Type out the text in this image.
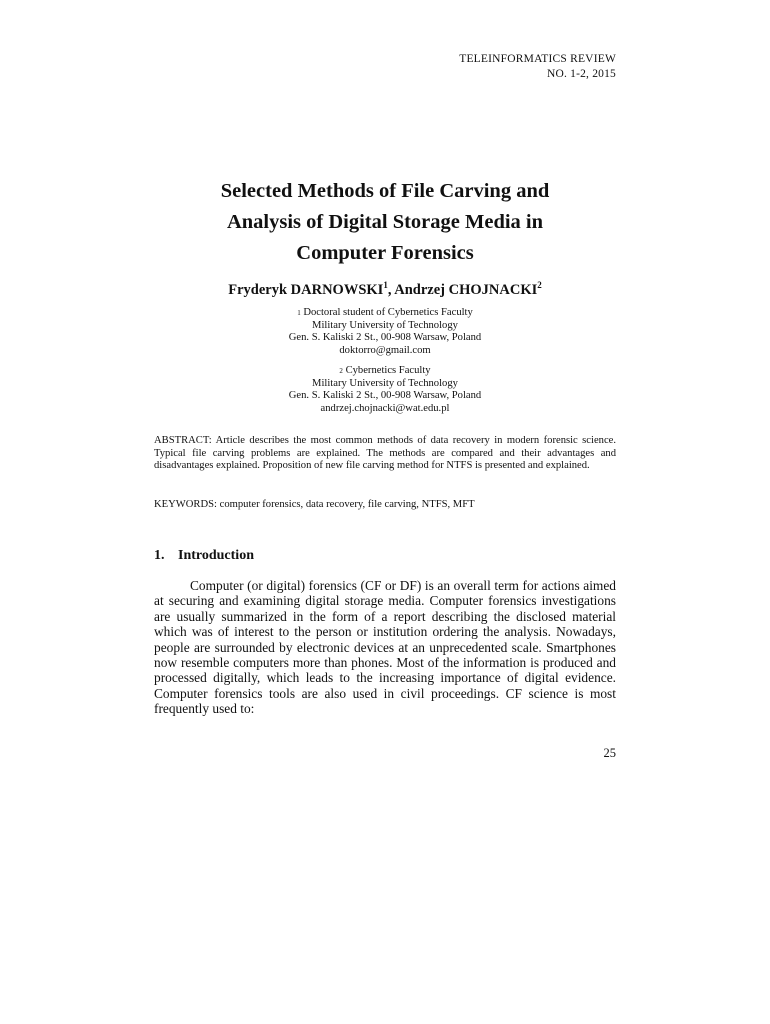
TELEINFORMATICS REVIEW
NO. 1-2, 2015
Selected Methods of File Carving and
Analysis of Digital Storage Media in
Computer Forensics
Fryderyk DARNOWSKI$^1$, Andrzej CHOJNACKI$^2$
$^1$ Doctoral student of Cybernetics Faculty
Military University of Technology
Gen. S. Kaliski 2 St., 00-908 Warsaw, Poland
doktorro@gmail.com
$^2$ Cybernetics Faculty
Military University of Technology
Gen. S. Kaliski 2 St., 00-908 Warsaw, Poland
andrzej.chojnacki@wat.edu.pl
ABSTRACT: Article describes the most common methods of data recovery in modern forensic science. Typical file carving problems are explained. The methods are compared and their advantages and disadvantages explained. Proposition of new file carving method for NTFS is presented and explained.
KEYWORDS: computer forensics, data recovery, file carving, NTFS, MFT
1. Introduction
Computer (or digital) forensics (CF or DF) is an overall term for actions aimed at securing and examining digital storage media. Computer forensics investigations are usually summarized in the form of a report describing the disclosed material which was of interest to the person or institution ordering the analysis. Nowadays, people are surrounded by electronic devices at an unprecedented scale. Smartphones now resemble computers more than phones. Most of the information is produced and processed digitally, which leads to the increasing importance of digital evidence. Computer forensics tools are also used in civil proceedings. CF science is most frequently used to:
25
